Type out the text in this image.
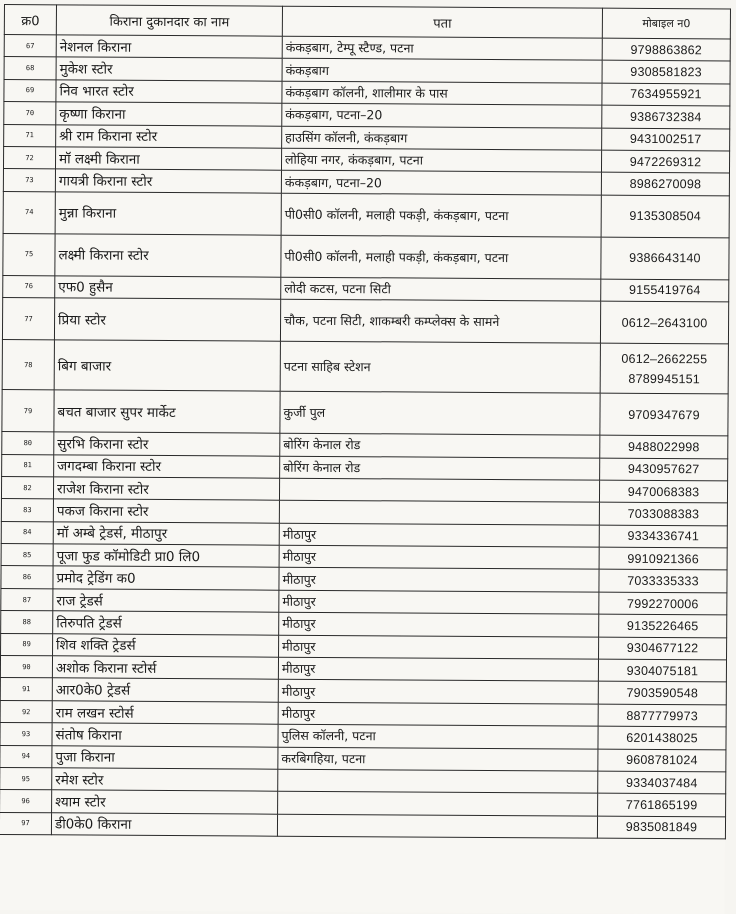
क्र0	किराना दुकानदार का नाम	पता	मोबाइल न0
67	नेशनल किराना	कंकड़बाग, टेम्पू स्टैण्ड, पटना	9798863862

68	मुकेश स्टोर	कंकड़बाग	9308581823

69	निव भारत स्टोर	कंकड़बाग कॉलनी, शालीमार के पास	7634955921

70	कृष्णा किराना	कंकड़बाग, पटना–20	9386732384

71	श्री राम किराना स्टोर	हाउसिंग कॉलनी, कंकड़बाग	9431002517

72	मॉ लक्ष्मी किराना	लोहिया नगर, कंकड़बाग, पटना	9472269312

73	गायत्री किराना स्टोर	कंकड़बाग, पटना–20	8986270098

74	मुन्ना किराना	पी0सी0 कॉलनी, मलाही पकड़ी, कंकड़बाग, पटना	9135308504

75	लक्ष्मी किराना स्टोर	पी0सी0 कॉलनी, मलाही पकड़ी, कंकड़बाग, पटना	9386643140

76	एफ0 हुसैन	लोदी कटस, पटना सिटी	9155419764

77	प्रिया स्टोर	चौक, पटना सिटी, शाकम्बरी कम्प्लेक्स के सामने	0612–2643100

78	बिग बाजार	पटना साहिब स्टेशन	0612–2662255
8789945151

79	बचत बाजार सुपर मार्केट	कुर्जी पुल	9709347679

80	सुरभि किराना स्टोर	बोरिंग केनाल रोड	9488022998

81	जगदम्बा किराना स्टोर	बोरिंग केनाल रोड	9430957627

82	राजेश किराना स्टोर		9470068383

83	पकज किराना स्टोर		7033088383

84	मॉ अम्बे ट्रेडर्स, मीठापुर	मीठापुर	9334336741

85	पूजा फुड कॉमोडिटी प्रा0 लि0	मीठापुर	9910921366

86	प्रमोद ट्रेडिंग क0	मीठापुर	7033335333

87	राज ट्रेडर्स	मीठापुर	7992270006

88	तिरुपति ट्रेडर्स	मीठापुर	9135226465

89	शिव शक्ति ट्रेडर्स	मीठापुर	9304677122

90	अशोक किराना स्टोर्स	मीठापुर	9304075181

91	आर0के0 ट्रेडर्स	मीठापुर	7903590548

92	राम लखन स्टोर्स	मीठापुर	8877779973

93	संतोष किराना	पुलिस कॉलनी, पटना	6201438025

94	पुजा किराना	करबिगहिया, पटना	9608781024

95	रमेश स्टोर		9334037484

96	श्याम स्टोर		7761865199

97	डी0के0 किराना		9835081849
